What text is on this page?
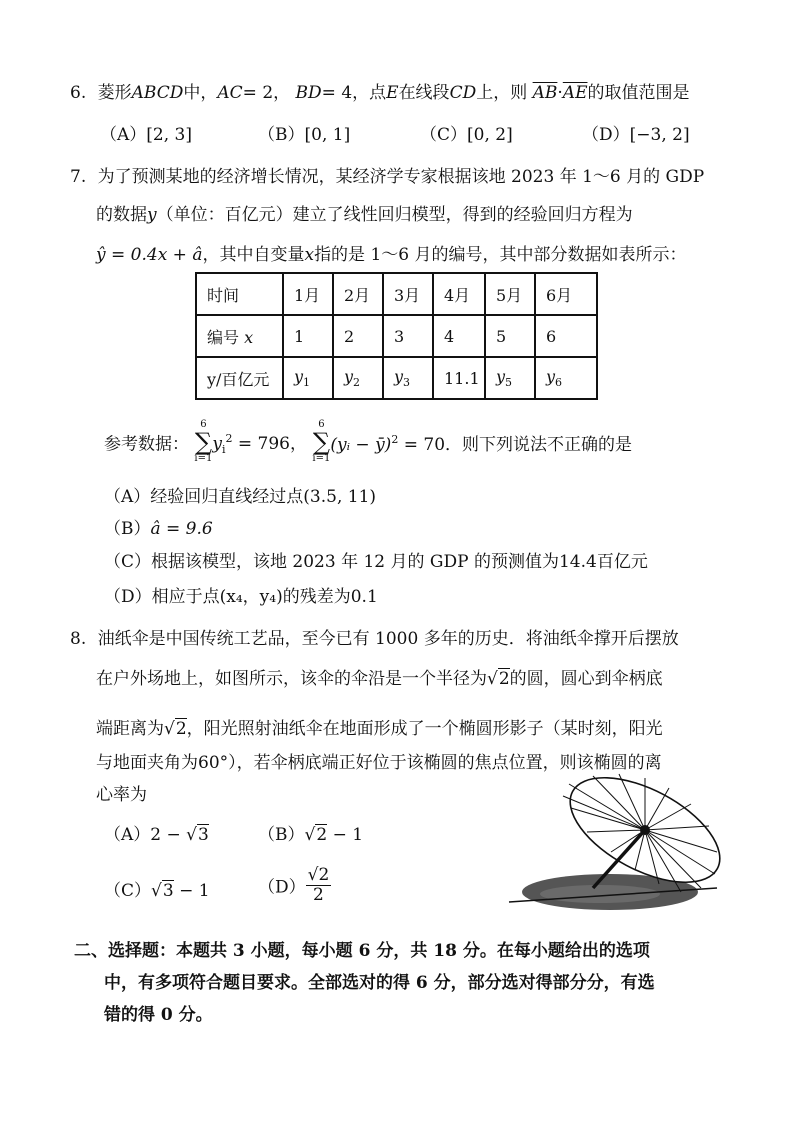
6. 菱形ABCD中，AC= 2， BD= 4，点E在线段CD上，则 $\overline{AB}\cdot\overline{AE}$的取值范围是
（A）[2, 3]	（B）[0, 1]	（C）[0, 2]	（D）[−3, 2]
7. 为了预测某地的经济增长情况，某经济学专家根据该地 2023 年 1～6 月的 GDP
的数据y（单位：百亿元）建立了线性回归模型，得到的经验回归方程为
ŷ = 0.4x + â，其中自变量x指的是 1～6 月的编号，其中部分数据如表所示：
时间	1月	2月	3月	4月	5月	6月
编号 x	1	2	3	4	5	6
y/百亿元	$y_1$	$y_2$	$y_3$	11.1	$y_5$	$y_6$
参考数据：
6
∑
i=1
$y_i^2 = 796$，
6
∑
i=1
(yᵢ − ȳ)$^2$ = 70．则下列说法不正确的是
（A）经验回归直线经过点(3.5, 11)
（B）â = 9.6
（C）根据该模型，该地 2023 年 12 月的 GDP 的预测值为14.4百亿元
（D）相应于点(x₄，y₄)的残差为0.1
8. 油纸伞是中国传统工艺品，至今已有 1000 多年的历史．将油纸伞撑开后摆放
在户外场地上，如图所示，该伞的伞沿是一个半径为√2的圆，圆心到伞柄底
端距离为√2，阳光照射油纸伞在地面形成了一个椭圆形影子（某时刻，阳光
与地面夹角为60°），若伞柄底端正好位于该椭圆的焦点位置，则该椭圆的离
心率为
（A）2 − √3	（B）√2 − 1
（C）√3 − 1	$(D) \frac{√2}{2}$
二、选择题：本题共 3 小题，每小题 6 分，共 18 分。在每小题给出的选项
中，有多项符合题目要求。全部选对的得 6 分，部分选对得部分分，有选
错的得 0 分。
